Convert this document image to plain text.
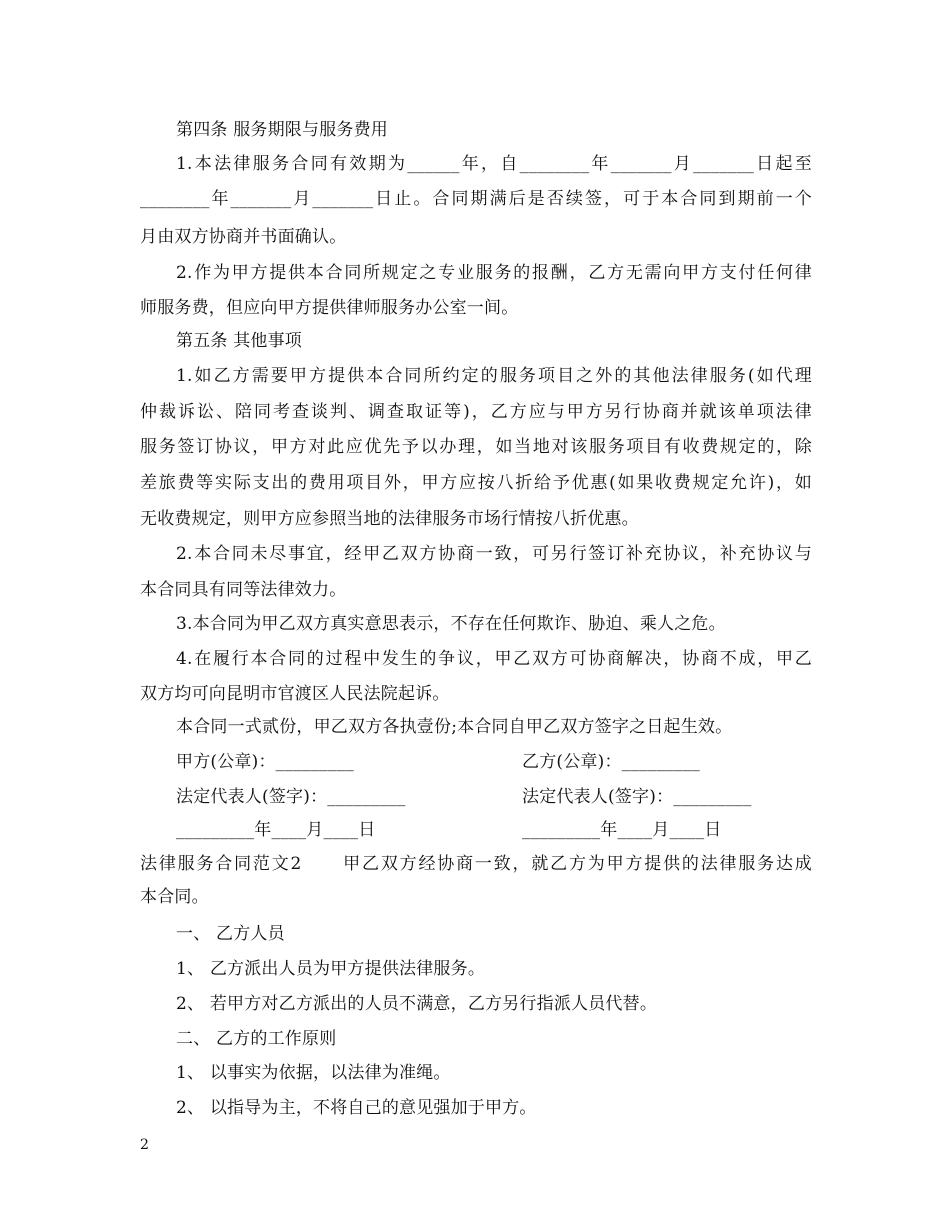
第四条 服务期限与服务费用
1.本法律服务合同有效期为______年，自________年_______月_______日起至
________年_______月_______日止。合同期满后是否续签，可于本合同到期前一个
月由双方协商并书面确认。
2.作为甲方提供本合同所规定之专业服务的报酬，乙方无需向甲方支付任何律
师服务费，但应向甲方提供律师服务办公室一间。
第五条 其他事项
1.如乙方需要甲方提供本合同所约定的服务项目之外的其他法律服务(如代理
仲裁诉讼、陪同考查谈判、调查取证等)，乙方应与甲方另行协商并就该单项法律
服务签订协议，甲方对此应优先予以办理，如当地对该服务项目有收费规定的，除
差旅费等实际支出的费用项目外，甲方应按八折给予优惠(如果收费规定允许)，如
无收费规定，则甲方应参照当地的法律服务市场行情按八折优惠。
2.本合同未尽事宜，经甲乙双方协商一致，可另行签订补充协议，补充协议与
本合同具有同等法律效力。
3.本合同为甲乙双方真实意思表示，不存在任何欺诈、胁迫、乘人之危。
4.在履行本合同的过程中发生的争议，甲乙双方可协商解决，协商不成，甲乙
双方均可向昆明市官渡区人民法院起诉。
本合同一式贰份，甲乙双方各执壹份;本合同自甲乙双方签字之日起生效。
甲方(公章)：_________	乙方(公章)：_________
法定代表人(签字)：_________	法定代表人(签字)：_________
_________年____月____日	_________年____月____日
法律服务合同范文2 甲乙双方经协商一致，就乙方为甲方提供的法律服务达成
本合同。
一、 乙方人员
1、 乙方派出人员为甲方提供法律服务。
2、 若甲方对乙方派出的人员不满意，乙方另行指派人员代替。
二、 乙方的工作原则
1、 以事实为依据，以法律为准绳。
2、 以指导为主，不将自己的意见强加于甲方。
2
